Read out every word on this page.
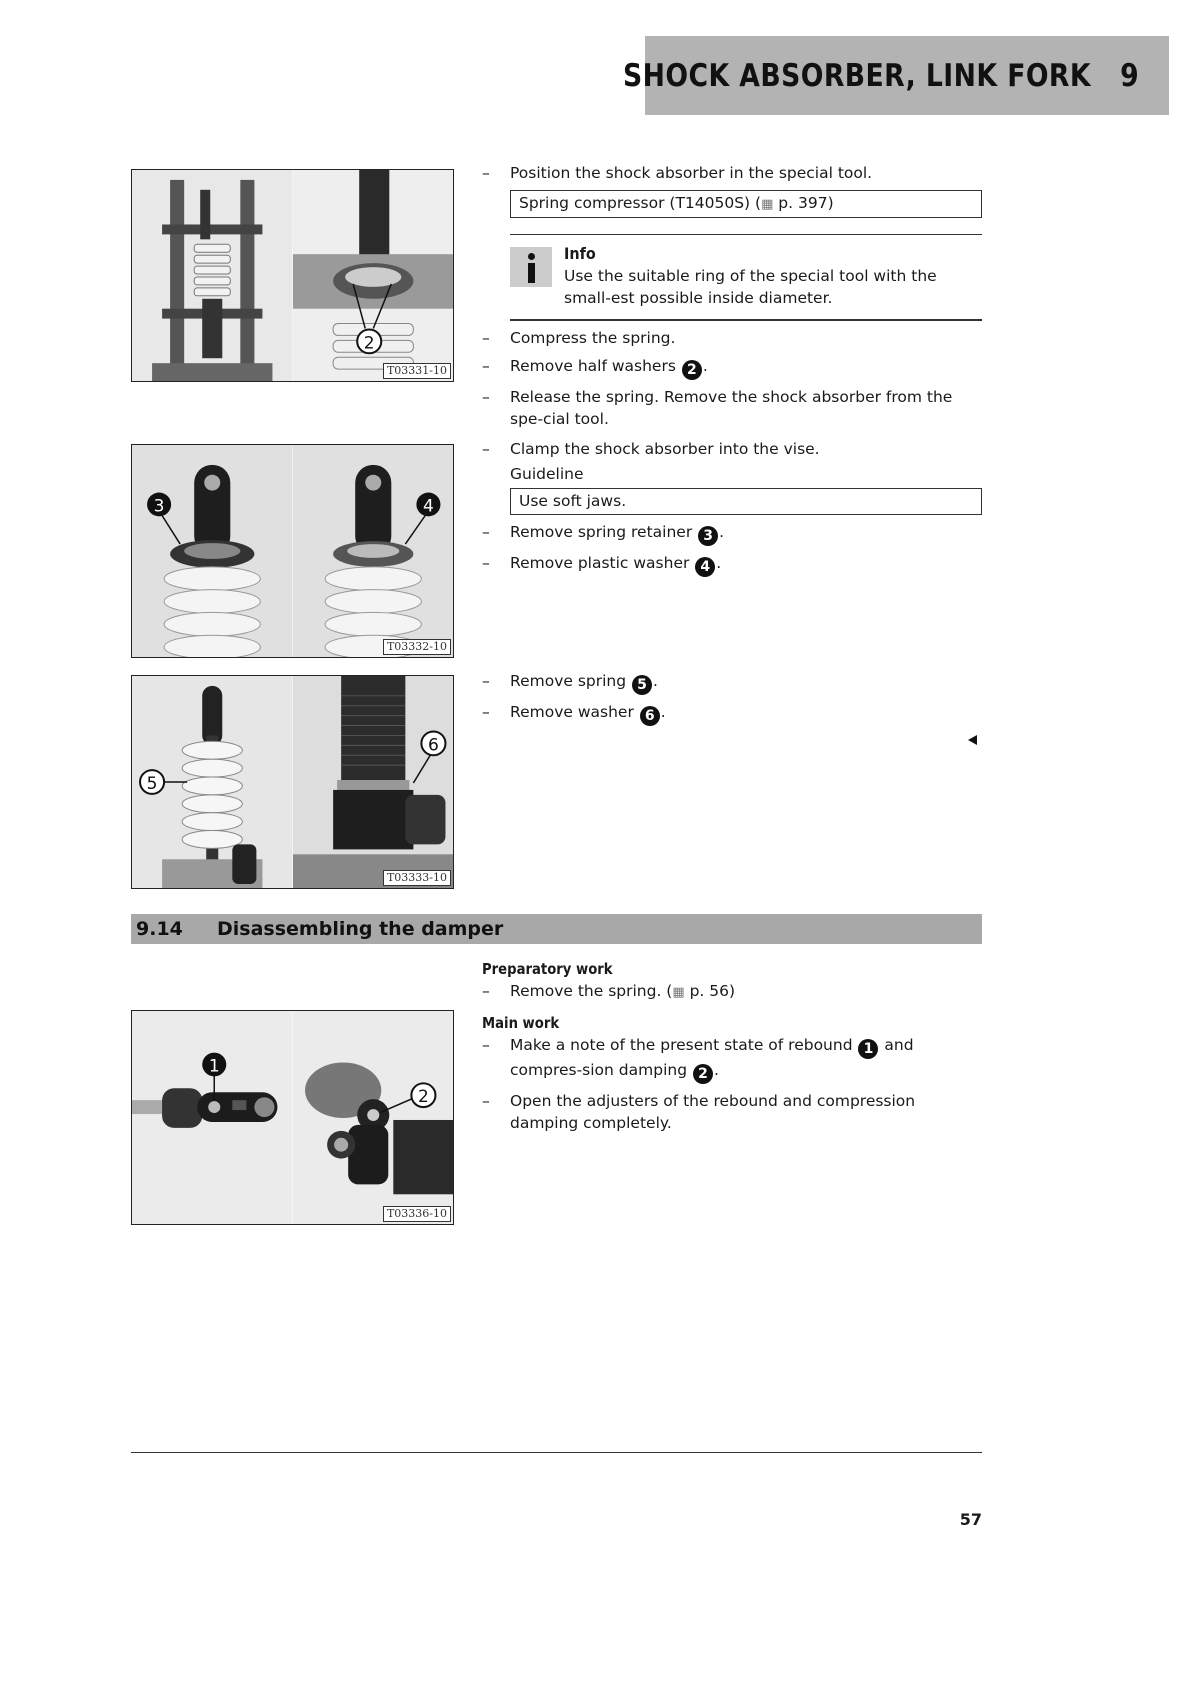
SHOCK ABSORBER, LINK FORK 9
2
T03331-10
3	4
T03332-10
5
6
T03333-10
1
2
T03336-10
– Position the shock absorber in the special tool.
Spring compressor (T14050S) (▦ p. 397)
Info
Use the suitable ring of the special tool with the small-est possible inside diameter.
– Compress the spring.
– Remove half washers 2 .
– Release the spring. Remove the shock absorber from the spe-cial tool.
– Clamp the shock absorber into the vise.
Guideline
Use soft jaws.
– Remove spring retainer 3 .
– Remove plastic washer 4 .
– Remove spring 5 .
– Remove washer 6 .
9.14	Disassembling the damper
Preparatory work
– Remove the spring. (▦ p. 56)
Main work
– Make a note of the present state of rebound 1 and compres-sion damping 2 .
– Open the adjusters of the rebound and compression damping completely.
57
